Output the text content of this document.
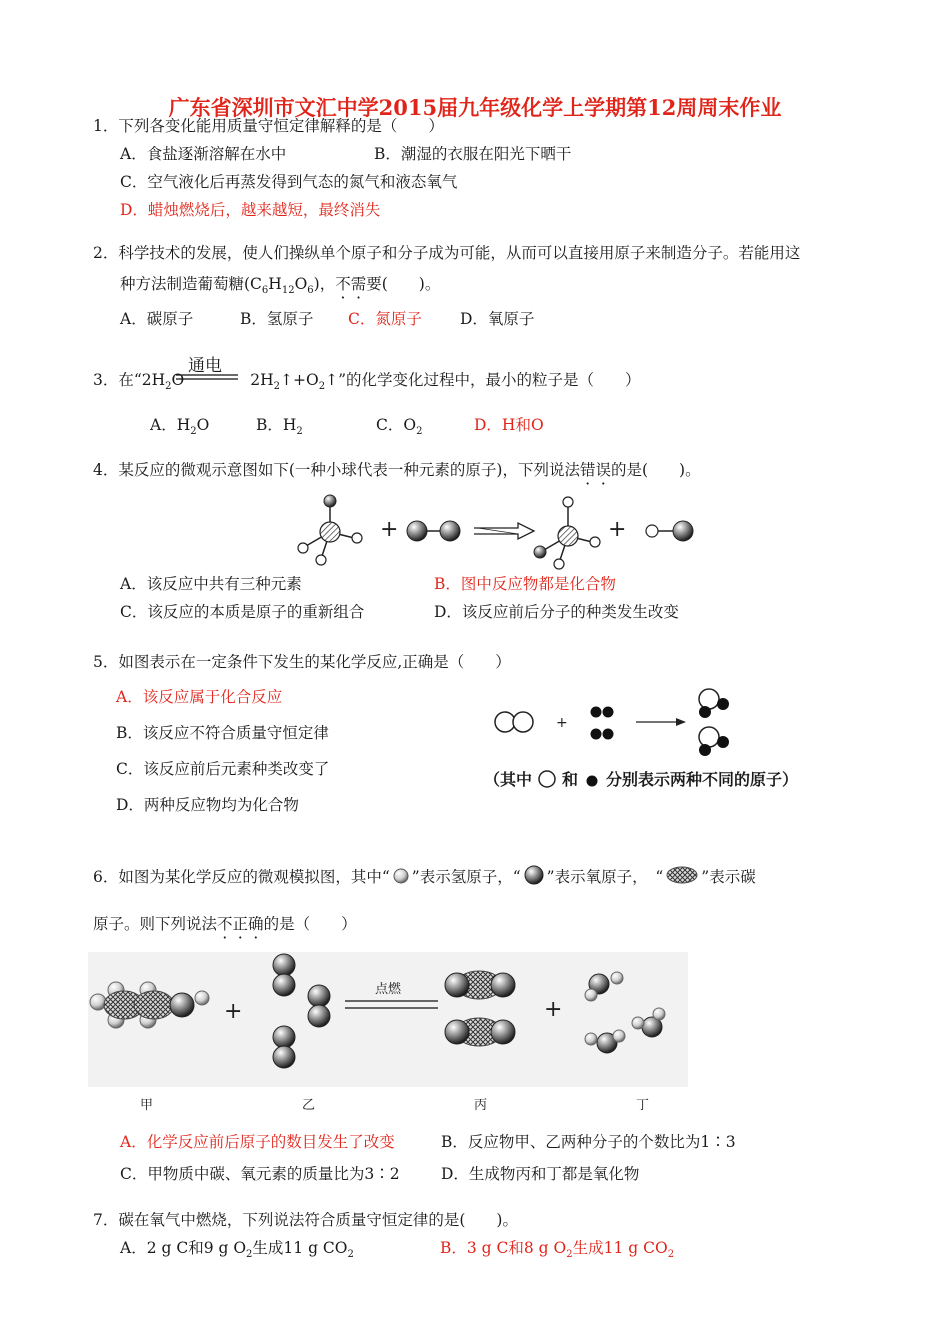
广东省深圳市文汇中学2015届九年级化学上学期第12周周末作业
1．下列各变化能用质量守恒定律解释的是（　　）
A．食盐逐渐溶解在水中	B．潮湿的衣服在阳光下晒干
C．空气液化后再蒸发得到气态的氮气和液态氧气
D．蜡烛燃烧后，越来越短，最终消失
2．科学技术的发展，使人们操纵单个原子和分子成为可能，从而可以直接用原子来制造分子。若能用这
种方法制造葡萄糖$(C_6H_{12}O_6)$，不需要(　　)。
A．碳原子	B．氢原子 C．氮原子 D．氧原子
通电
3．在“$2H_2O$	$2H_2↑+O_2↑$”的化学变化过程中，最小的粒子是（　　）
A．$H_2O$	B．$H_2$	C．$O_2$	D．H和O
4．某反应的微观示意图如下(一种小球代表一种元素的原子)，下列说法错误的是(　　)。
+	+
A．该反应中共有三种元素	B．图中反应物都是化合物
C．该反应的本质是原子的重新组合	D．该反应前后分子的种类发生改变
5．如图表示在一定条件下发生的某化学反应,正确是（　　）
A．该反应属于化合反应
B．该反应不符合质量守恒定律
C．该反应前后元素种类改变了
D．两种反应物均为化合物
+
（其中 和 分别表示两种不同的原子）
6．如图为某化学反应的微观模拟图，其中“ ”表示氢原子，“ ”表示氧原子，　“ ”表示碳
原子。则下列说法不正确的是（　　）
+
点燃
+
甲	乙	丙	丁
A．化学反应前后原子的数目发生了改变	B．反应物甲、乙两种分子的个数比为1∶3
C．甲物质中碳、氧元素的质量比为3∶2	D．生成物丙和丁都是氧化物
7．碳在氧气中燃烧，下列说法符合质量守恒定律的是(　　)。
A．2 g C和9 g $O_2$生成11 g $CO_2$	B．3 g C和8 g $O_2$生成11 g $CO_2$
